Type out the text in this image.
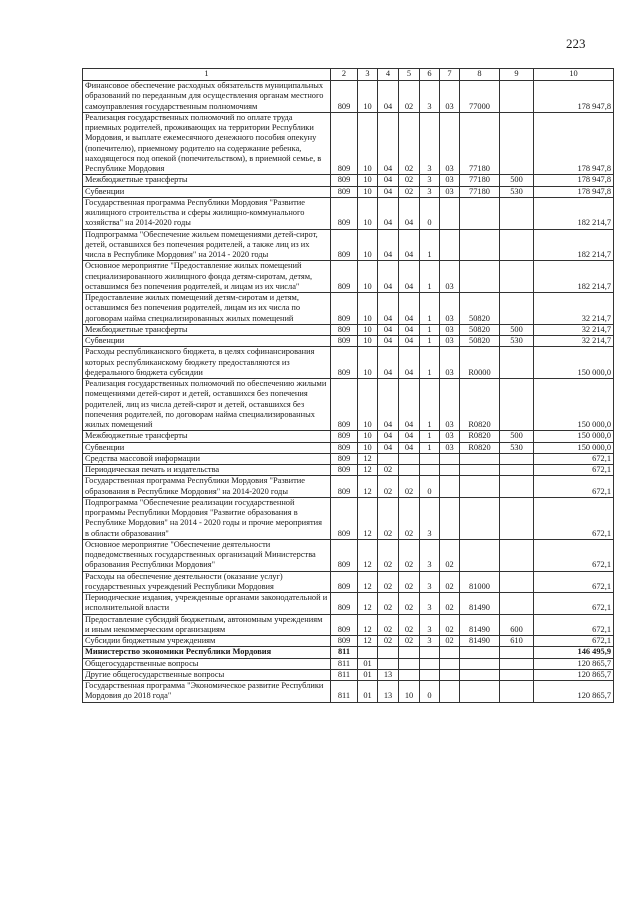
223
1	2	3	4	5	6	7	8	9	10
Финансовое обеспечение расходных обязательств муниципальных образований по переданным для осуществления органам местного самоуправления государственным полномочиям	809	10	04	02	3	03	77000		178 947,8
Реализация государственных полномочий по оплате труда приемных родителей, проживающих на территории Республики Мордовия, и выплате ежемесячного денежного пособия опекуну (попечителю), приемному родителю на содержание ребенка, находящегося под опекой (попечительством), в приемной семье, в Республике Мордовия	809	10	04	02	3	03	77180		178 947,8
Межбюджетные трансферты	809	10	04	02	3	03	77180	500	178 947,8
Субвенции	809	10	04	02	3	03	77180	530	178 947,8
Государственная программа Республики Мордовия "Развитие жилищного строительства и сферы жилищно-коммунального хозяйства" на 2014-2020 годы	809	10	04	04	0				182 214,7
Подпрограмма "Обеспечение жильем помещениями детей-сирот, детей, оставшихся без попечения родителей, а также лиц из их числа в Республике Мордовия" на 2014 - 2020 годы	809	10	04	04	1				182 214,7
Основное мероприятие "Предоставление жилых помещений специализированного жилищного фонда детям-сиротам, детям, оставшимся без попечения родителей, и лицам из их числа"	809	10	04	04	1	03			182 214,7
Предоставление жилых помещений детям-сиротам и детям, оставшимся без попечения родителей, лицам из их числа по договорам найма специализированных жилых помещений	809	10	04	04	1	03	50820		32 214,7
Межбюджетные трансферты	809	10	04	04	1	03	50820	500	32 214,7
Субвенции	809	10	04	04	1	03	50820	530	32 214,7
Расходы республиканского бюджета, в целях софинансирования которых республиканскому бюджету предоставляются из федерального бюджета субсидии	809	10	04	04	1	03	R0000		150 000,0
Реализация государственных полномочий по обеспечению жилыми помещениями детей-сирот и детей, оставшихся без попечения родителей, лиц из числа детей-сирот и детей, оставшихся без попечения родителей, по договорам найма специализированных жилых помещений	809	10	04	04	1	03	R0820		150 000,0
Межбюджетные трансферты	809	10	04	04	1	03	R0820	500	150 000,0
Субвенции	809	10	04	04	1	03	R0820	530	150 000,0
Средства массовой информации	809	12							672,1
Периодическая печать и издательства	809	12	02						672,1
Государственная программа Республики Мордовия "Развитие образования в Республике Мордовия" на 2014-2020 годы	809	12	02	02	0				672,1
Подпрограмма "Обеспечение реализации государственной программы Республики Мордовия "Развитие образования в Республике Мордовия" на 2014 - 2020 годы и прочие мероприятия в области образования"	809	12	02	02	3				672,1
Основное мероприятие "Обеспечение деятельности подведомственных государственных организаций Министерства образования Республики Мордовия"	809	12	02	02	3	02			672,1
Расходы на обеспечение деятельности (оказание услуг) государственных учреждений Республики Мордовия	809	12	02	02	3	02	81000		672,1
Периодические издания, учрежденные органами законодательной и исполнительной власти	809	12	02	02	3	02	81490		672,1
Предоставление субсидий бюджетным, автономным учреждениям и иным некоммерческим организациям	809	12	02	02	3	02	81490	600	672,1
Субсидии бюджетным учреждениям	809	12	02	02	3	02	81490	610	672,1
Министерство экономики Республики Мордовия	811								146 495,9
Общегосударственные вопросы	811	01							120 865,7
Другие общегосударственные вопросы	811	01	13						120 865,7
Государственная программа "Экономическое развитие Республики Мордовия до 2018 года"	811	01	13	10	0				120 865,7
